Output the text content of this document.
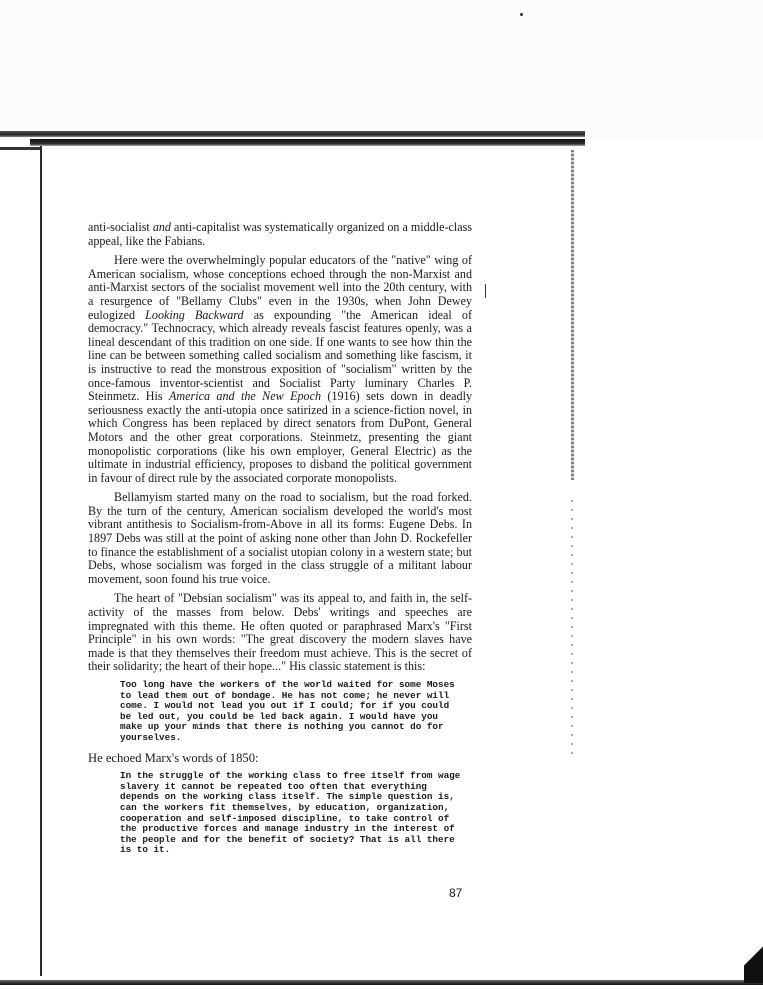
anti-socialist and anti-capitalist was systematically organized on a middle-class appeal, like the Fabians.

Here were the overwhelmingly popular educators of the "native" wing of American socialism, whose conceptions echoed through the non-Marxist and anti-Marxist sectors of the socialist movement well into the 20th century, with a resurgence of "Bellamy Clubs" even in the 1930s, when John Dewey eulogized Looking Backward as expounding "the American ideal of democracy." Technocracy, which already reveals fascist features openly, was a lineal descendant of this tradition on one side. If one wants to see how thin the line can be between something called socialism and something like fascism, it is instructive to read the monstrous exposition of "socialism" written by the once-famous inventor-scientist and Socialist Party luminary Charles P. Steinmetz. His America and the New Epoch (1916) sets down in deadly seriousness exactly the anti-utopia once satirized in a science-fiction novel, in which Congress has been replaced by direct senators from DuPont, General Motors and the other great corporations. Steinmetz, presenting the giant monopolistic corporations (like his own employer, General Electric) as the ultimate in industrial efficiency, proposes to disband the political government in favour of direct rule by the associated corporate monopolists.

Bellamyism started many on the road to socialism, but the road forked. By the turn of the century, American socialism developed the world's most vibrant antithesis to Socialism-from-Above in all its forms: Eugene Debs. In 1897 Debs was still at the point of asking none other than John D. Rockefeller to finance the establishment of a socialist utopian colony in a western state; but Debs, whose socialism was forged in the class struggle of a militant labour movement, soon found his true voice.

The heart of "Debsian socialism" was its appeal to, and faith in, the self-activity of the masses from below. Debs' writings and speeches are impregnated with this theme. He often quoted or paraphrased Marx's "First Principle" in his own words: "The great discovery the modern slaves have made is that they themselves their freedom must achieve. This is the secret of their solidarity; the heart of their hope..." His classic statement is this:

Too long have the workers of the world waited for some Moses to lead them out of bondage. He has not come; he never will come. I would not lead you out if I could; for if you could be led out, you could be led back again. I would have you make up your minds that there is nothing you cannot do for yourselves.
He echoed Marx's words of 1850:
In the struggle of the working class to free itself from wage slavery it cannot be repeated too often that everything depends on the working class itself. The simple question is, can the workers fit themselves, by education, organization, cooperation and self-imposed discipline, to take control of the productive forces and manage industry in the interest of the people and for the benefit of society? That is all there is to it.
87
